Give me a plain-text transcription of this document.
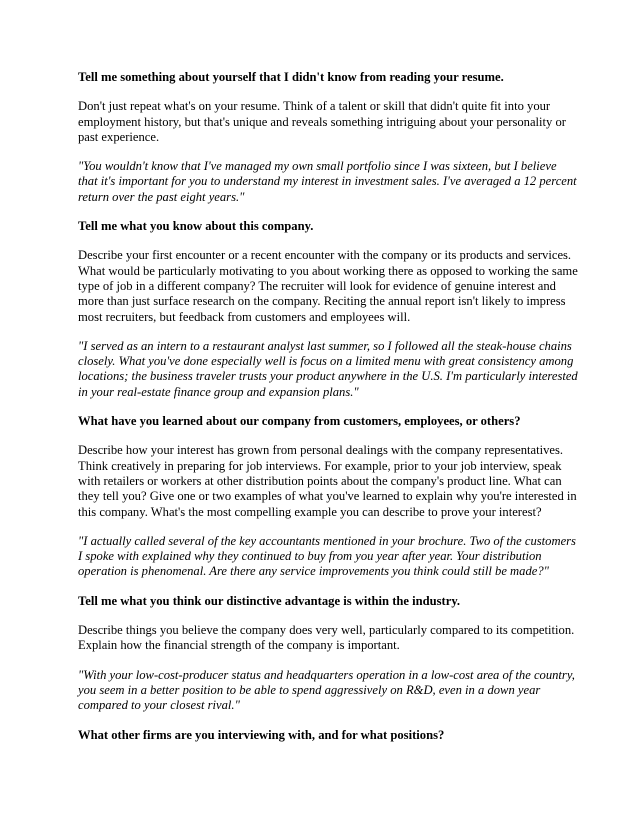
Tell me something about yourself that I didn't know from reading your resume.

Don't just repeat what's on your resume. Think of a talent or skill that didn't quite fit into your employment history, but that's unique and reveals something intriguing about your personality or past experience.

"You wouldn't know that I've managed my own small portfolio since I was sixteen, but I believe that it's important for you to understand my interest in investment sales. I've averaged a 12 percent return over the past eight years."

Tell me what you know about this company.

Describe your first encounter or a recent encounter with the company or its products and services. What would be particularly motivating to you about working there as opposed to working the same type of job in a different company? The recruiter will look for evidence of genuine interest and more than just surface research on the company. Reciting the annual report isn't likely to impress most recruiters, but feedback from customers and employees will.

"I served as an intern to a restaurant analyst last summer, so I followed all the steak-house chains closely. What you've done especially well is focus on a limited menu with great consistency among locations; the business traveler trusts your product anywhere in the U.S. I'm particularly interested in your real-estate finance group and expansion plans."

What have you learned about our company from customers, employees, or others?

Describe how your interest has grown from personal dealings with the company representatives. Think creatively in preparing for job interviews. For example, prior to your job interview, speak with retailers or workers at other distribution points about the company's product line. What can they tell you? Give one or two examples of what you've learned to explain why you're interested in this company. What's the most compelling example you can describe to prove your interest?

"I actually called several of the key accountants mentioned in your brochure. Two of the customers I spoke with explained why they continued to buy from you year after year. Your distribution operation is phenomenal. Are there any service improvements you think could still be made?"

Tell me what you think our distinctive advantage is within the industry.

Describe things you believe the company does very well, particularly compared to its competition. Explain how the financial strength of the company is important.

"With your low-cost-producer status and headquarters operation in a low-cost area of the country, you seem in a better position to be able to spend aggressively on R&D, even in a down year compared to your closest rival."

What other firms are you interviewing with, and for what positions?
